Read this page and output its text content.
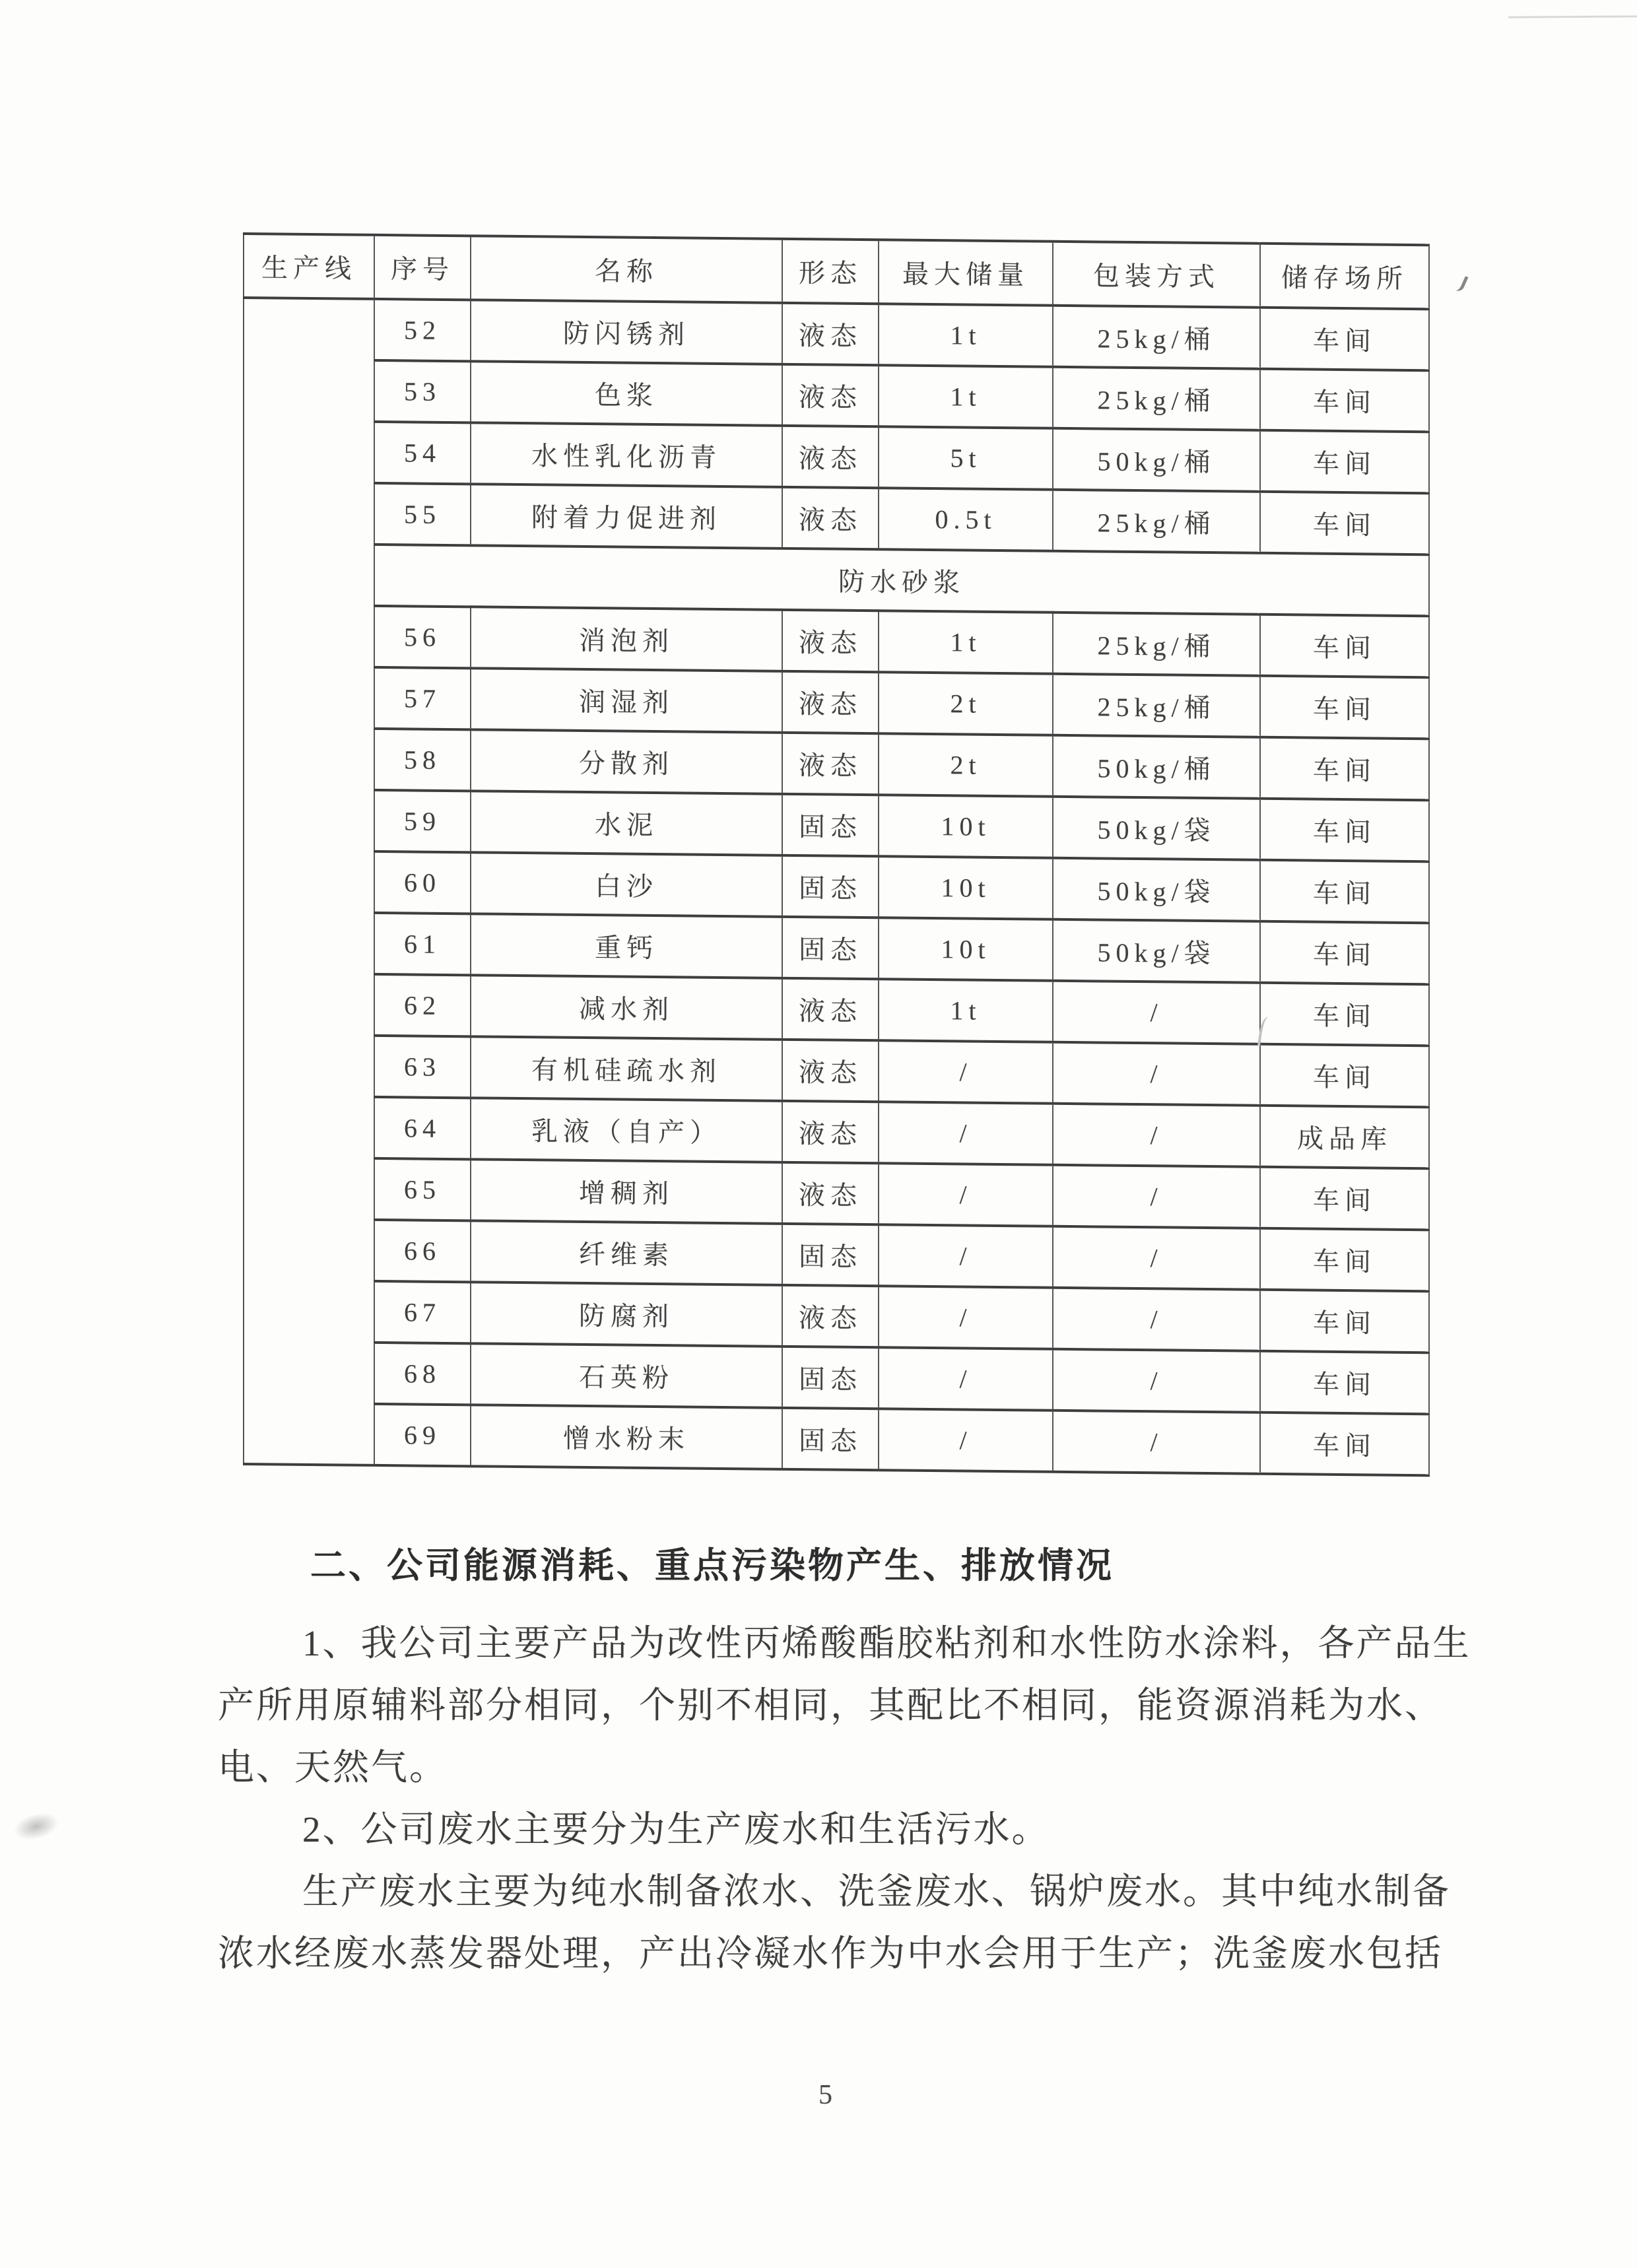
生产线	序号	名称	形态	最大储量	包装方式	储存场所
	52	防闪锈剂	液态	1t	25kg/桶	车间
	53	色浆	液态	1t	25kg/桶	车间
	54	水性乳化沥青	液态	5t	50kg/桶	车间
	55	附着力促进剂	液态	0.5t	25kg/桶	车间
	防水砂浆					
	56	消泡剂	液态	1t	25kg/桶	车间
	57	润湿剂	液态	2t	25kg/桶	车间
	58	分散剂	液态	2t	50kg/桶	车间
	59	水泥	固态	10t	50kg/袋	车间
	60	白沙	固态	10t	50kg/袋	车间
	61	重钙	固态	10t	50kg/袋	车间
	62	减水剂	液态	1t	/	车间
	63	有机硅疏水剂	液态	/	/	车间
	64	乳液（自产）	液态	/	/	成品库
	65	增稠剂	液态	/	/	车间
	66	纤维素	固态	/	/	车间
	67	防腐剂	液态	/	/	车间
	68	石英粉	固态	/	/	车间
	69	憎水粉末	固态	/	/	车间
二、公司能源消耗、重点污染物产生、排放情况
1、我公司主要产品为改性丙烯酸酯胶粘剂和水性防水涂料，各产品生
产所用原辅料部分相同，个别不相同，其配比不相同，能资源消耗为水、
电、天然气。
2、公司废水主要分为生产废水和生活污水。
生产废水主要为纯水制备浓水、洗釜废水、锅炉废水。其中纯水制备
浓水经废水蒸发器处理，产出冷凝水作为中水会用于生产；洗釜废水包括
5
